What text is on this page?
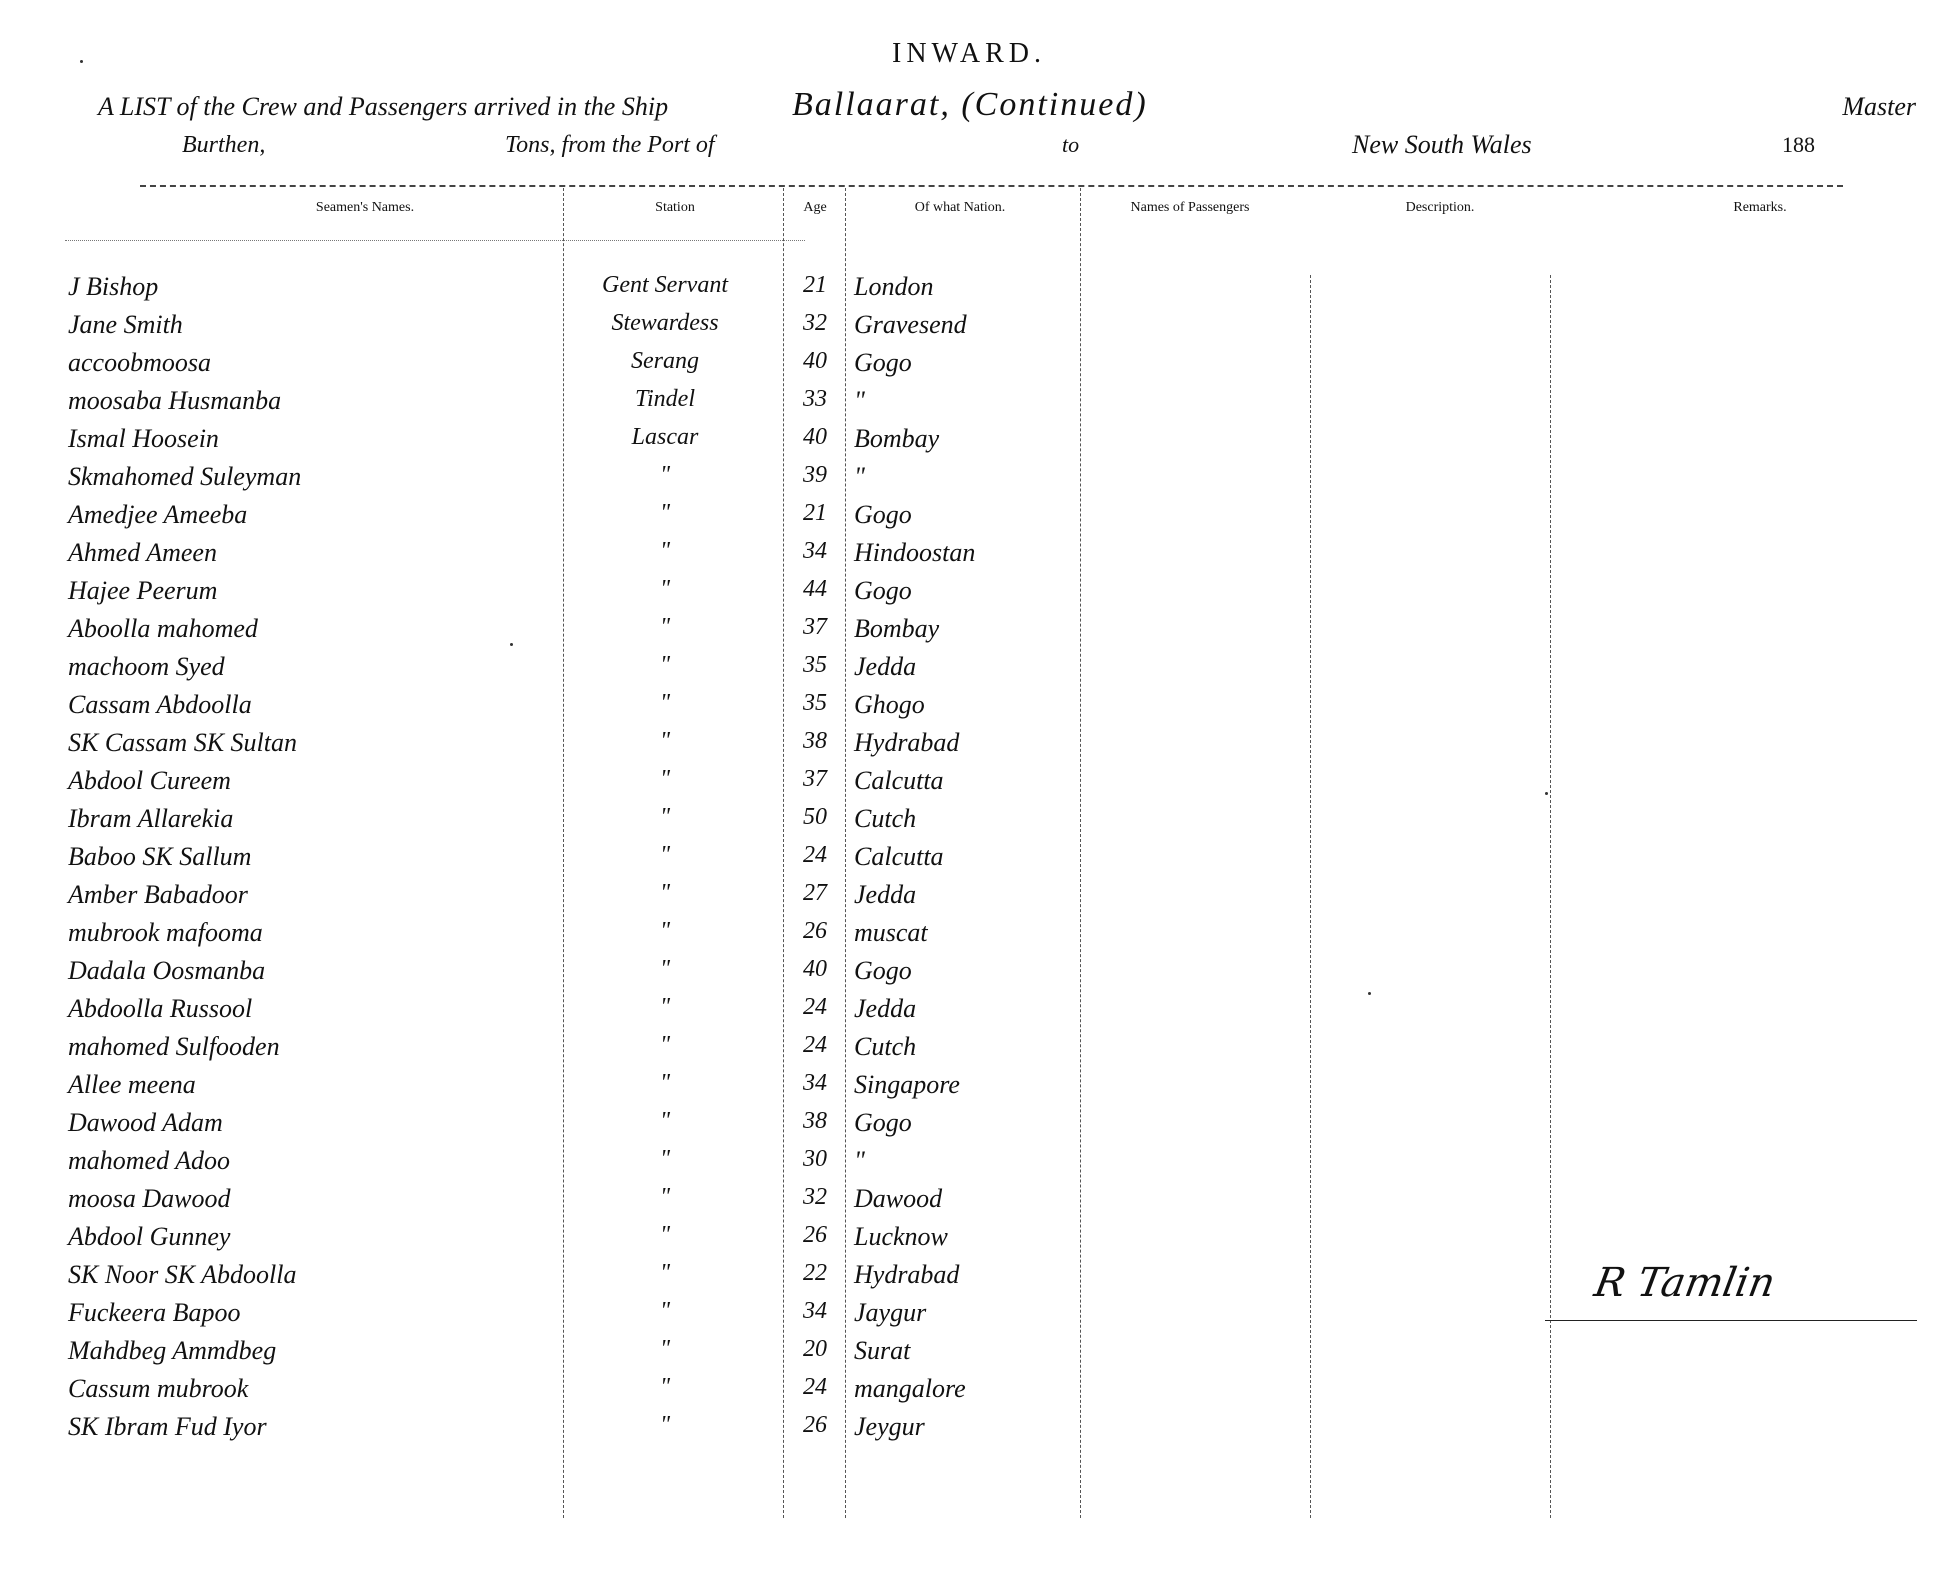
INWARD.
A LIST of the Crew and Passengers arrived in the Ship	Ballaarat, (Continued)	Master
Burthen,	Tons, from the Port of	to	New South Wales	188
Seamen's Names.	Station	Age	Of what Nation.	Names of Passengers	Description.	Remarks.
J Bishop	Gent Servant	21	London
Jane Smith	Stewardess	32	Gravesend
accoobmoosa	Serang	40	Gogo
moosaba Husmanba	Tindel	33	"
Ismal Hoosein	Lascar	40	Bombay
Skmahomed Suleyman	"	39	"
Amedjee Ameeba	"	21	Gogo
Ahmed Ameen	"	34	Hindoostan
Hajee Peerum	"	44	Gogo
Aboolla mahomed	"	37	Bombay
machoom Syed	"	35	Jedda
Cassam Abdoolla	"	35	Ghogo
SK Cassam SK Sultan	"	38	Hydrabad
Abdool Cureem	"	37	Calcutta
Ibram Allarekia	"	50	Cutch
Baboo SK Sallum	"	24	Calcutta
Amber Babadoor	"	27	Jedda
mubrook mafooma	"	26	muscat
Dadala Oosmanba	"	40	Gogo
Abdoolla Russool	"	24	Jedda
mahomed Sulfooden	"	24	Cutch
Allee meena	"	34	Singapore
Dawood Adam	"	38	Gogo
mahomed Adoo	"	30	"
moosa Dawood	"	32	Dawood
Abdool Gunney	"	26	Lucknow
SK Noor SK Abdoolla	"	22	Hydrabad
Fuckeera Bapoo	"	34	Jaygur
Mahdbeg Ammdbeg	"	20	Surat
Cassum mubrook	"	24	mangalore
SK Ibram Fud Iyor	"	26	Jeygur
R Tamlin
